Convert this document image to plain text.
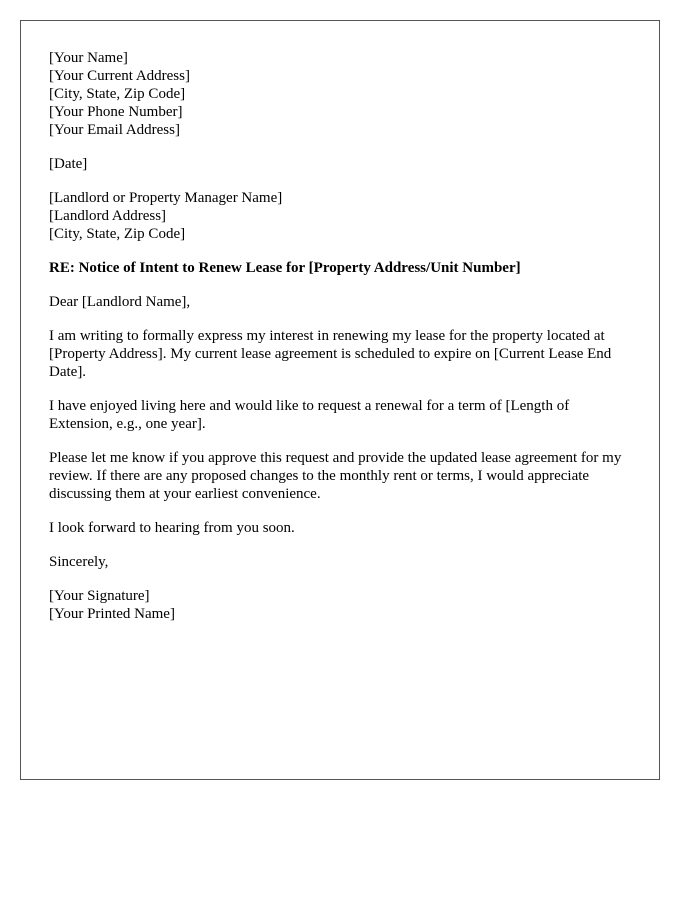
[Your Name]
[Your Current Address]
[City, State, Zip Code]
[Your Phone Number]
[Your Email Address]
[Date]
[Landlord or Property Manager Name]
[Landlord Address]
[City, State, Zip Code]
RE: Notice of Intent to Renew Lease for [Property Address/Unit Number]
Dear [Landlord Name],
I am writing to formally express my interest in renewing my lease for the property located at [Property Address]. My current lease agreement is scheduled to expire on [Current Lease End Date].
I have enjoyed living here and would like to request a renewal for a term of [Length of Extension, e.g., one year].
Please let me know if you approve this request and provide the updated lease agreement for my review. If there are any proposed changes to the monthly rent or terms, I would appreciate discussing them at your earliest convenience.
I look forward to hearing from you soon.
Sincerely,
[Your Signature]
[Your Printed Name]
